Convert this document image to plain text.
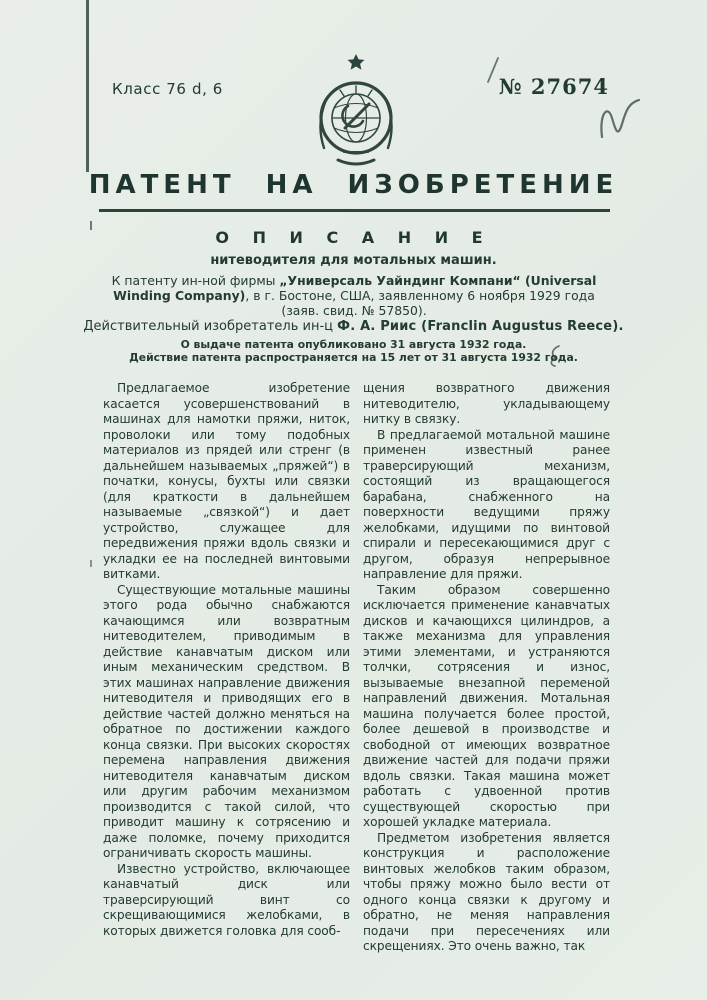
Класс 76 d, 6	№ 27674
ПАТЕНТ НА ИЗОБРЕТЕНИЕ
О П И С А Н И Е
нитеводителя для мотальных машин.
К патенту ин-ной фирмы „Универсаль Уайндинг Компани“ (Universal Winding Company), в г. Бостоне, США, заявленному 6 ноября 1929 года (заяв. свид. № 57850).
Действительный изобретатель ин-ц Ф. А. Риис (Franclin Augustus Reece).
О выдаче патента опубликовано 31 августа 1932 года.
Действие патента распространяется на 15 лет от 31 августа 1932 года.

Предлагаемое изобретение касается усовершенствований в машинах для намотки пряжи, ниток, проволоки или тому подобных материалов из прядей или стренг (в дальнейшем называемых „пряжей“) в початки, конусы, бухты или связки (для краткости в дальнейшем называемые „связкой“) и дает устройство, служащее для передвижения пряжи вдоль связки и укладки ее на последней винтовыми витками.

Существующие мотальные машины этого рода обычно снабжаются качающимся или возвратным нитеводителем, приводимым в действие канавчатым диском или иным механическим средством. В этих машинах направление движения нитеводителя и приводящих его в действие частей должно меняться на обратное по достижении каждого конца связки. При высоких скоростях перемена направления движения нитеводителя канавчатым диском или другим рабочим механизмом производится с такой силой, что приводит машину к сотрясению и даже поломке, почему приходится ограничивать скорость машины.

Известно устройство, включающее канавчатый диск или траверсирующий винт со скрещивающимися желобками, в которых движется головка для сооб-

щения возвратного движения нитеводителю, укладывающему нитку в связку.

В предлагаемой мотальной машине применен известный ранее траверсирующий механизм, состоящий из вращающегося барабана, снабженного на поверхности ведущими пряжу желобками, идущими по винтовой спирали и пересекающимися друг с другом, образуя непрерывное направление для пряжи.

Таким образом совершенно исключается применение канавчатых дисков и качающихся цилиндров, а также механизма для управления этими элементами, и устраняются толчки, сотрясения и износ, вызываемые внезапной переменой направлений движения. Мотальная машина получается более простой, более дешевой в производстве и свободной от имеющих возвратное движение частей для подачи пряжи вдоль связки. Такая машина может работать с удвоенной против существующей скоростью при хорошей укладке материала.

Предметом изобретения является конструкция и расположение винтовых желобков таким образом, чтобы пряжу можно было вести от одного конца связки к другому и обратно, не меняя направления подачи при пересечениях или скрещениях. Это очень важно, так
